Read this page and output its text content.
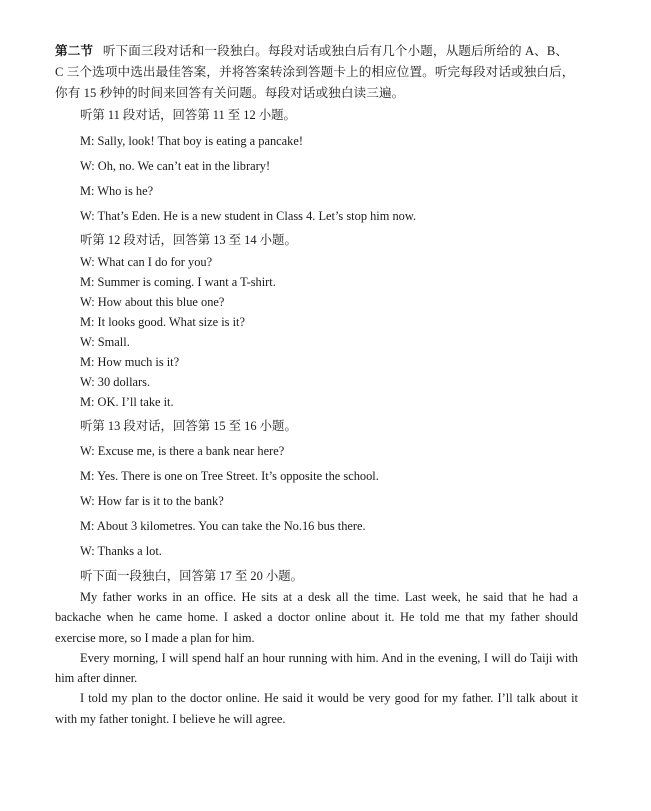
第二节 听下面三段对话和一段独白。每段对话或独白后有几个小题，从题后所给的 A、B、
C 三个选项中选出最佳答案，并将答案转涂到答题卡上的相应位置。听完每段对话或独白后，
你有 15 秒钟的时间来回答有关问题。每段对话或独白读三遍。
听第 11 段对话，回答第 11 至 12 小题。
M: Sally, look! That boy is eating a pancake!
W: Oh, no. We can’t eat in the library!
M: Who is he?
W: That’s Eden. He is a new student in Class 4. Let’s stop him now.
听第 12 段对话，回答第 13 至 14 小题。
W: What can I do for you?
M: Summer is coming. I want a T-shirt.
W: How about this blue one?
M: It looks good. What size is it?
W: Small.
M: How much is it?
W: 30 dollars.
M: OK. I’ll take it.
听第 13 段对话，回答第 15 至 16 小题。
W: Excuse me, is there a bank near here?
M: Yes. There is one on Tree Street. It’s opposite the school.
W: How far is it to the bank?
M: About 3 kilometres. You can take the No.16 bus there.
W: Thanks a lot.
听下面一段独白，回答第 17 至 20 小题。

My father works in an office. He sits at a desk all the time. Last week, he said that he had a backache when he came home. I asked a doctor online about it. He told me that my father should exercise more, so I made a plan for him.

Every morning, I will spend half an hour running with him. And in the evening, I will do Taiji with him after dinner.

I told my plan to the doctor online. He said it would be very good for my father. I’ll talk about it with my father tonight. I believe he will agree.
